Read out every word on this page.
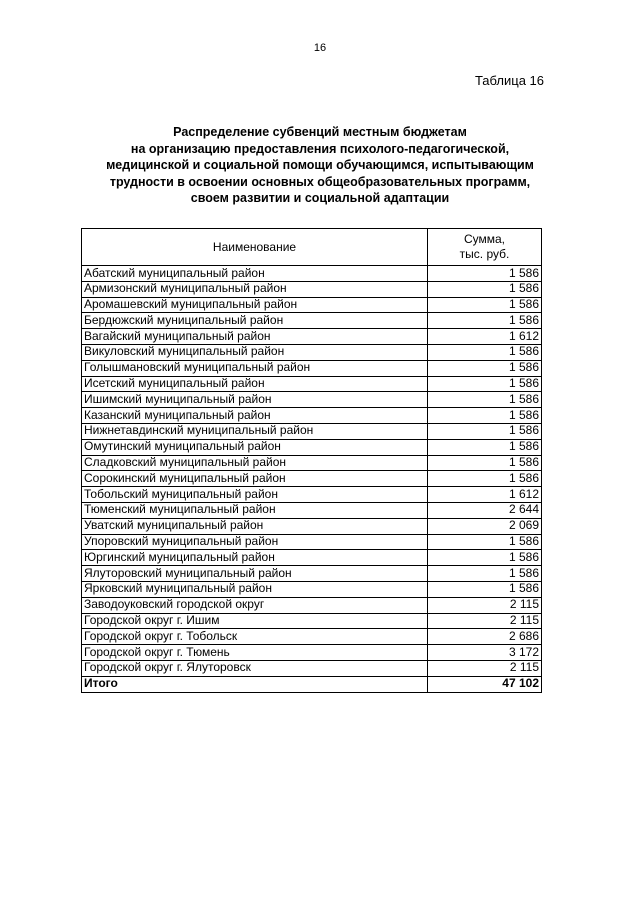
16
Таблица 16
Распределение субвенций местным бюджетам
на организацию предоставления психолого-педагогической,
медицинской и социальной помощи обучающимся, испытывающим
трудности в освоении основных общеобразовательных программ,
своем развитии и социальной адаптации
Наименование	Сумма,
тыс. руб.
Абатский муниципальный район	1 586
Армизонский муниципальный район	1 586
Аромашевский муниципальный район	1 586
Бердюжский муниципальный район	1 586
Вагайский муниципальный район	1 612
Викуловский муниципальный район	1 586
Голышмановский муниципальный район	1 586
Исетский муниципальный район	1 586
Ишимский муниципальный район	1 586
Казанский муниципальный район	1 586
Нижнетавдинский муниципальный район	1 586
Омутинский муниципальный район	1 586
Сладковский муниципальный район	1 586
Сорокинский муниципальный район	1 586
Тобольский муниципальный район	1 612
Тюменский муниципальный район	2 644
Уватский муниципальный район	2 069
Упоровский муниципальный район	1 586
Юргинский муниципальный район	1 586
Ялуторовский муниципальный район	1 586
Ярковский муниципальный район	1 586
Заводоуковский городской округ	2 115
Городской округ г. Ишим	2 115
Городской округ г. Тобольск	2 686
Городской округ г. Тюмень	3 172
Городской округ г. Ялуторовск	2 115
Итого	47 102
